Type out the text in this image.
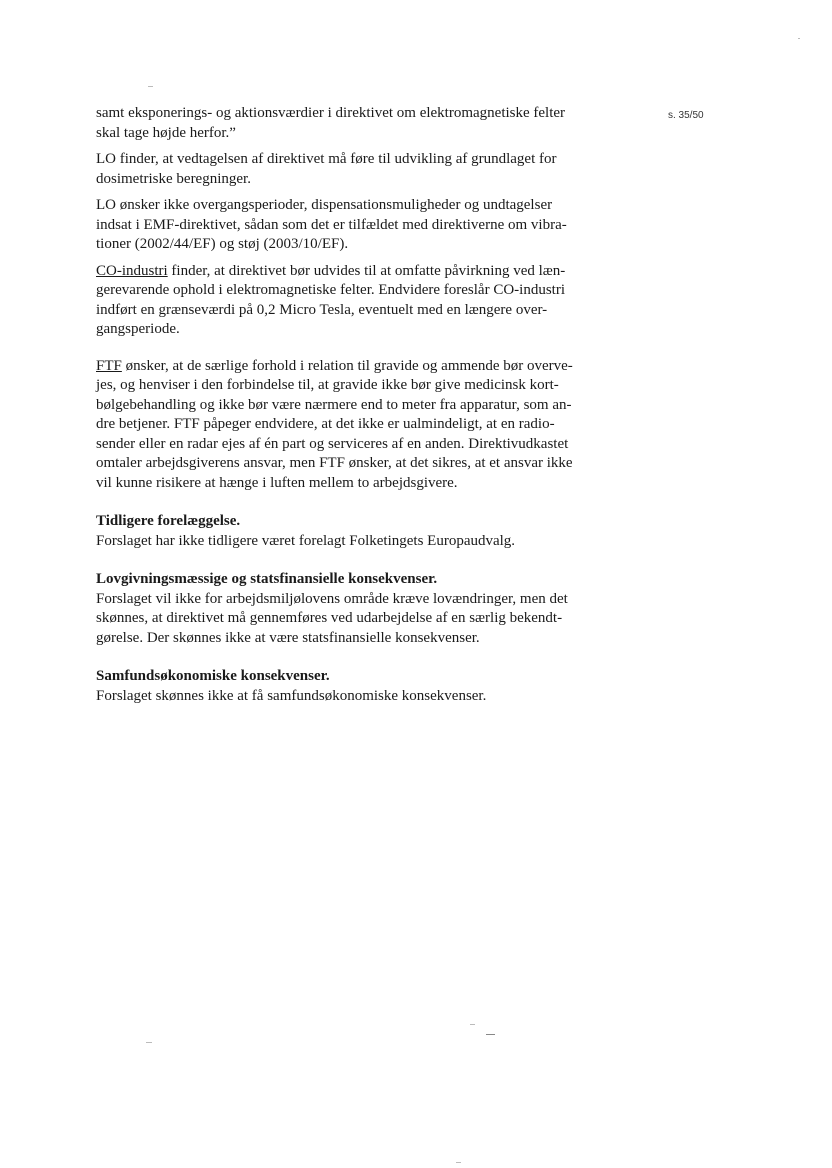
s. 35/50

samt eksponerings- og aktionsværdier i direktivet om elektromagnetiske felter
skal tage højde herfor.”

LO finder, at vedtagelsen af direktivet må føre til udvikling af grundlaget for
dosimetriske beregninger.

LO ønsker ikke overgangsperioder, dispensationsmuligheder og undtagelser
indsat i EMF-direktivet, sådan som det er tilfældet med direktiverne om vibra-
tioner (2002/44/EF) og støj (2003/10/EF).

CO-industri finder, at direktivet bør udvides til at omfatte påvirkning ved læn-
gerevarende ophold i elektromagnetiske felter. Endvidere foreslår CO-industri
indført en grænseværdi på 0,2 Micro Tesla, eventuelt med en længere over-
gangsperiode.

FTF ønsker, at de særlige forhold i relation til gravide og ammende bør overve-
jes, og henviser i den forbindelse til, at gravide ikke bør give medicinsk kort-
bølgebehandling og ikke bør være nærmere end to meter fra apparatur, som an-
dre betjener. FTF påpeger endvidere, at det ikke er ualmindeligt, at en radio-
sender eller en radar ejes af én part og serviceres af en anden. Direktivudkastet
omtaler arbejdsgiverens ansvar, men FTF ønsker, at det sikres, at et ansvar ikke
vil kunne risikere at hænge i luften mellem to arbejdsgivere.

Tidligere forelæggelse.
Forslaget har ikke tidligere været forelagt Folketingets Europaudvalg.
Lovgivningsmæssige og statsfinansielle konsekvenser.
Forslaget vil ikke for arbejdsmiljølovens område kræve lovændringer, men det
skønnes, at direktivet må gennemføres ved udarbejdelse af en særlig bekendt-
gørelse. Der skønnes ikke at være statsfinansielle konsekvenser.
Samfundsøkonomiske konsekvenser.
Forslaget skønnes ikke at få samfundsøkonomiske konsekvenser.
